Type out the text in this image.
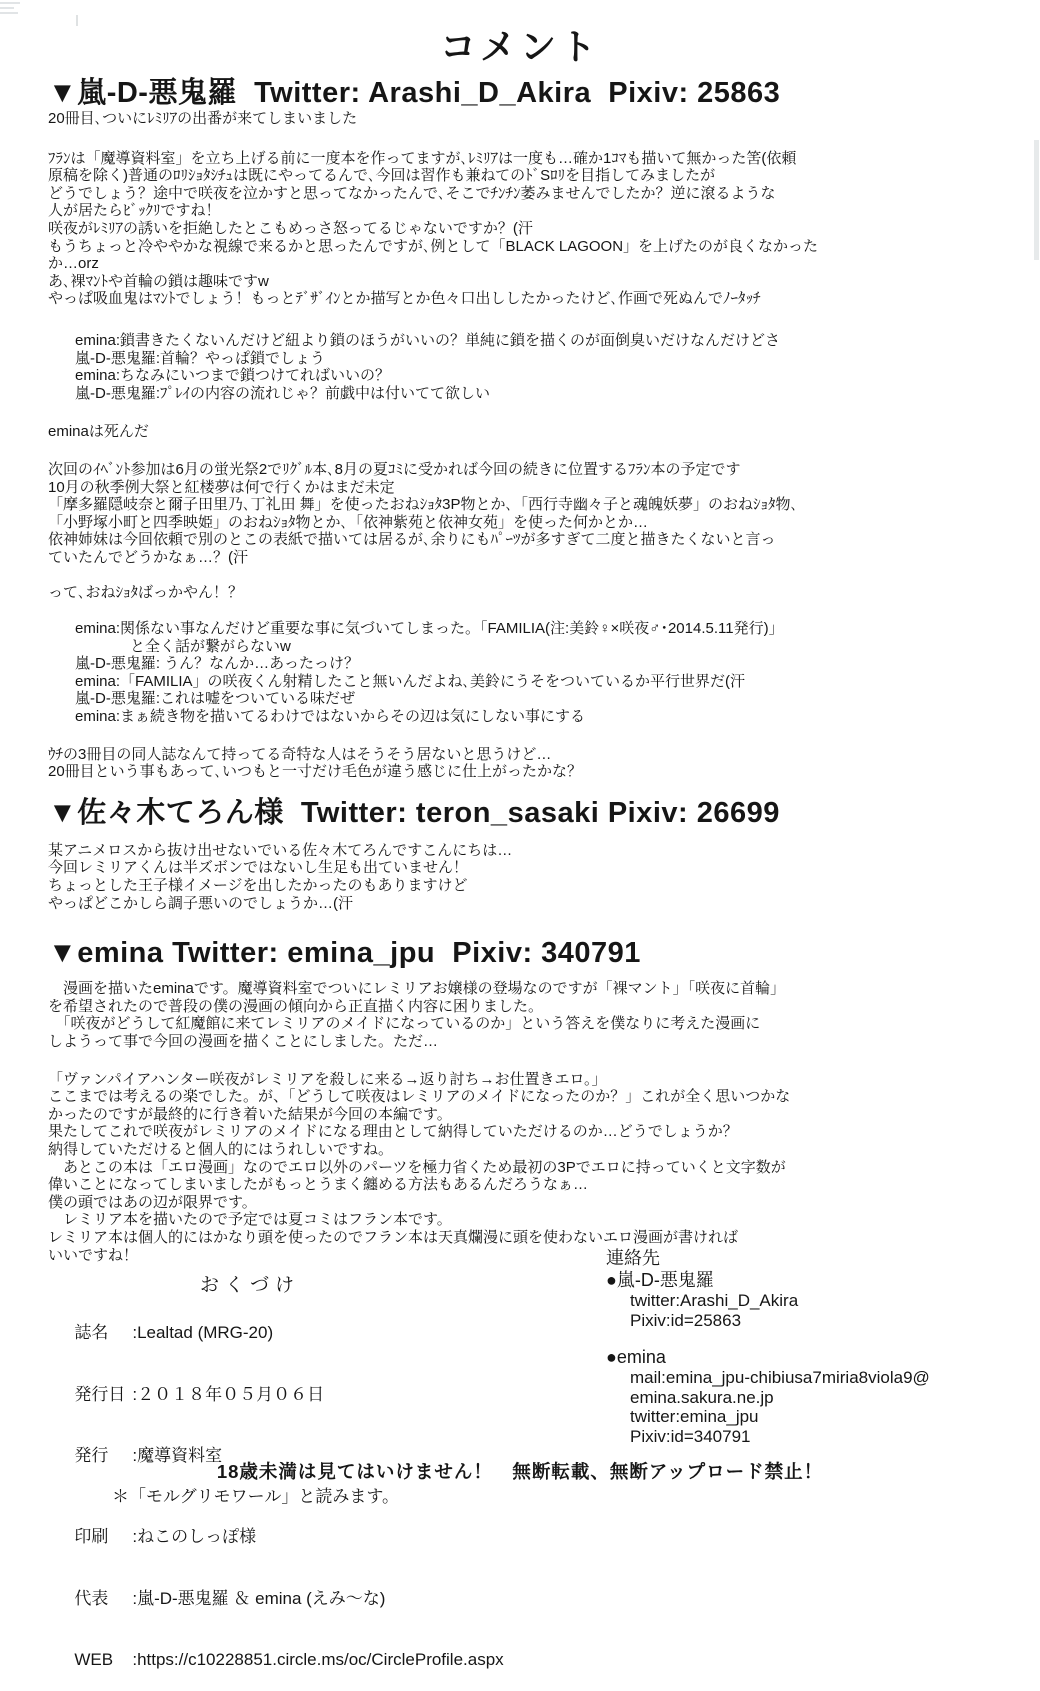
コメント
▼嵐-D-悪鬼羅  Twitter: Arashi_D_Akira  Pixiv: 25863
20冊目､ついにﾚﾐﾘｱの出番が来てしまいました
ﾌﾗﾝは「魔導資料室」を立ち上げる前に一度本を作ってますが､ﾚﾐﾘｱは一度も…確か1ｺﾏも描いて無かった筈(依頼
原稿を除く)普通のﾛﾘｼｮﾀｼﾁｭは既にやってるんで､今回は習作も兼ねてのﾄﾞSﾛﾘを目指してみましたが
どうでしょう？途中で咲夜を泣かすと思ってなかったんで､そこでﾁﾝﾁﾝ萎みませんでしたか？逆に滾るような
人が居たらﾋﾞｯｸﾘですね！
咲夜がﾚﾐﾘｱの誘いを拒絶したとこもめっさ怒ってるじゃないですか？(汗
もうちょっと冷ややかな視線で来るかと思ったんですが､例として「BLACK LAGOON」を上げたのが良くなかった
か…orz
あ､裸ﾏﾝﾄや首輪の鎖は趣味ですw
やっぱ吸血鬼はﾏﾝﾄでしょう！もっとﾃﾞｻﾞｲﾝとか描写とか色々口出ししたかったけど､作画で死ぬんでﾉｰﾀｯﾁ
emina:鎖書きたくないんだけど紐より鎖のほうがいいの？単純に鎖を描くのが面倒臭いだけなんだけどさ
嵐-D-悪鬼羅:首輪？やっぱ鎖でしょう
emina:ちなみにいつまで鎖つけてればいいの？
嵐-D-悪鬼羅:ﾌﾟﾚｲの内容の流れじゃ？前戯中は付いてて欲しい
eminaは死んだ
次回のｲﾍﾞﾝﾄ参加は6月の蛍光祭2でﾘｸﾞﾙ本､8月の夏ｺﾐに受かれば今回の続きに位置するﾌﾗﾝ本の予定です
10月の秋季例大祭と紅楼夢は何で行くかはまだ未定
「摩多羅隠岐奈と爾子田里乃､丁礼田 舞」を使ったおねｼｮﾀ3P物とか､「西行寺幽々子と魂魄妖夢」のおねｼｮﾀ物､
「小野塚小町と四季映姫」のおねｼｮﾀ物とか､「依神紫苑と依神女苑」を使った何かとか…
依神姉妹は今回依頼で別のとこの表紙で描いては居るが､余りにもﾊﾟｰﾂが多すぎて二度と描きたくないと言っ
ていたんでどうかなぁ…？(汗
って､おねｼｮﾀばっかやん！？
emina:関係ない事なんだけど重要な事に気づいてしまった。「FAMILIA(注:美鈴♀×咲夜♂･2014.5.11発行)」
と全く話が繋がらないw
嵐-D-悪鬼羅: うん？なんか…あったっけ？
emina:「FAMILIA」の咲夜くん射精したこと無いんだよね､美鈴にうそをついているか平行世界だ(汗
嵐-D-悪鬼羅:これは嘘をついている味だぜ
emina:まぁ続き物を描いてるわけではないからその辺は気にしない事にする
ｳﾁの3冊目の同人誌なんて持ってる奇特な人はそうそう居ないと思うけど…
20冊目という事もあって､いつもと一寸だけ毛色が違う感じに仕上がったかな？
▼佐々木てろん様  Twitter: teron_sasaki Pixiv: 26699
某アニメロスから抜け出せないでいる佐々木てろんですこんにちは…
今回レミリアくんは半ズボンではないし生足も出ていません！
ちょっとした王子様イメージを出したかったのもありますけど
やっぱどこかしら調子悪いのでしょうか…(汗
▼emina Twitter: emina_jpu  Pixiv: 340791
　漫画を描いたeminaです。魔導資料室でついにレミリアお嬢様の登場なのですが「裸マント」「咲夜に首輪」
を希望されたので普段の僕の漫画の傾向から正直描く内容に困りました。
　「咲夜がどうして紅魔館に来てレミリアのメイドになっているのか」という答えを僕なりに考えた漫画に
しようって事で今回の漫画を描くことにしました。ただ…
「ヴァンパイアハンター咲夜がレミリアを殺しに来る→返り討ち→お仕置きエロ。」
ここまでは考えるの楽でした。が、「どうして咲夜はレミリアのメイドになったのか？」これが全く思いつかな
かったのですが最終的に行き着いた結果が今回の本編です。
果たしてこれで咲夜がレミリアのメイドになる理由として納得していただけるのか…どうでしょうか？
納得していただけると個人的にはうれしいですね。
　あとこの本は「エロ漫画」なのでエロ以外のパーツを極力省くため最初の3Pでエロに持っていくと文字数が
偉いことになってしまいましたがもっとうまく纏める方法もあるんだろうなぁ…
僕の頭ではあの辺が限界です。
　レミリア本を描いたので予定では夏コミはフラン本です。
レミリア本は個人的にはかなり頭を使ったのでフラン本は天真爛漫に頭を使わないエロ漫画が書ければ
いいですね！
おくづけ

誌名 :Lealtad (MRG-20)

発行日 :２０１８年０５月０６日

発行 :魔導資料室

＊「モルグリモワール」と読みます。

印刷 :ねこのしっぽ様

代表 :嵐-D-悪鬼羅 ＆ emina (えみ～な)

WEB :https://c10228851.circle.ms/oc/CircleProfile.aspx

連絡先
●嵐-D-悪鬼羅
twitter:Arashi_D_Akira
Pixiv:id=25863
●emina
mail:emina_jpu-chibiusa7miria8viola9@
emina.sakura.ne.jp
twitter:emina_jpu
Pixiv:id=340791
18歳未満は見てはいけません！　無断転載、無断アップロード禁止！
